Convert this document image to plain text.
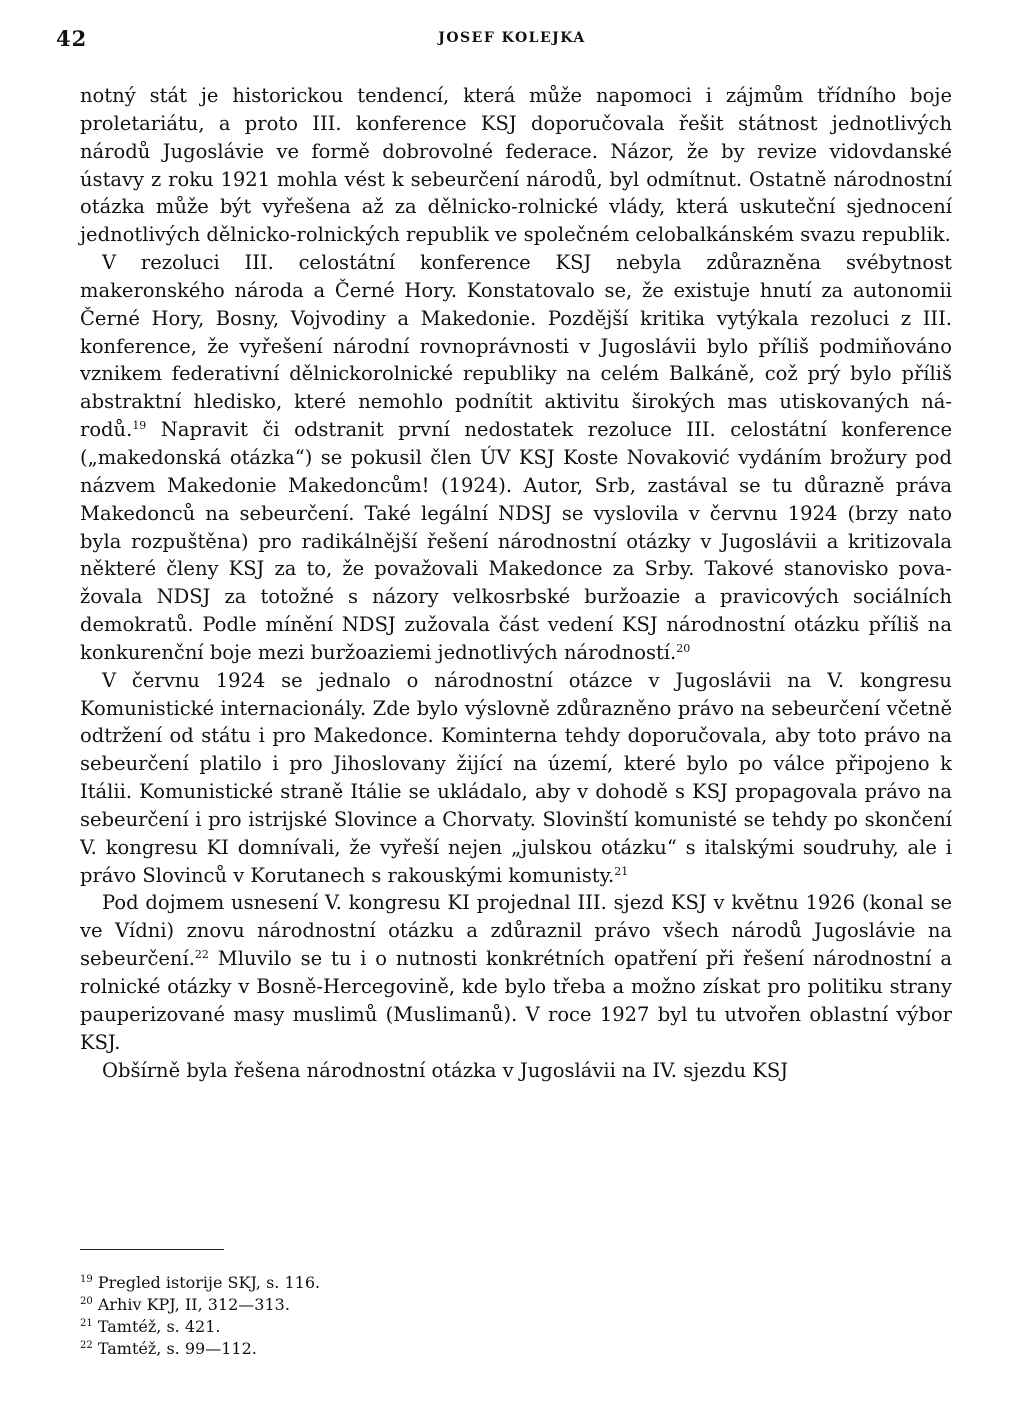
42	JOSEF KOLEJKA

notný stát je historickou tendencí, která může napomoci i zájmům třídního boje proletariátu, a proto III. konference KSJ doporučovala řešit státnost jednotlivých národů Jugoslávie ve formě dobrovolné federace. Názor, že by revize vidovdanské ústavy z roku 1921 mohla vést k sebeurčení národů, byl odmítnut. Ostatně národnostní otázka může být vyřešena až za dělnicko-rolnické vlády, která uskuteční sjednocení jednotlivých dělnicko-rolnických republik ve společném celobalkánském svazu republik.

V rezoluci III. celostátní konference KSJ nebyla zdůrazněna svébytnost makeronského národa a Černé Hory. Konstatovalo se, že existuje hnutí za autonomii Černé Hory, Bosny, Vojvodiny a Makedonie. Pozdější kritika vytýkala rezoluci z III. konference, že vyřešení národní rovnoprávnosti v Jugoslávii bylo příliš podmiňováno vznikem federativní dělnickorolnické republiky na celém Balkáně, což prý bylo příliš abstraktní hledisko, které nemohlo podnítit aktivitu širokých mas utiskovaných národů.$^{19}$ Napravit či odstranit první nedostatek rezoluce III. celostátní konference („makedonská otázka“) se pokusil člen ÚV KSJ Koste Novaković vydáním brožury pod názvem Makedonie Makedoncům! (1924). Autor, Srb, zastával se tu důrazně práva Makedonců na sebeurčení. Také legální NDSJ se vyslovila v červnu 1924 (brzy nato byla rozpuštěna) pro radikálnější řešení národnostní otázky v Jugoslávii a kritizovala některé členy KSJ za to, že považovali Makedonce za Srby. Takové stanovisko považovala NDSJ za totožné s názory velkosrbské buržoazie a pravicových sociálních demokratů. Podle mínění NDSJ zužovala část vedení KSJ národnostní otázku příliš na konkurenční boje mezi buržoaziemi jednotlivých národností.$^{20}$

V červnu 1924 se jednalo o národnostní otázce v Jugoslávii na V. kongresu Komunistické internacionály. Zde bylo výslovně zdůrazněno právo na sebeurčení včetně odtržení od státu i pro Makedonce. Kominterna tehdy doporučovala, aby toto právo na sebeurčení platilo i pro Jihoslovany žijící na území, které bylo po válce připojeno k Itálii. Komunistické straně Itálie se ukládalo, aby v dohodě s KSJ propagovala právo na sebeurčení i pro istrijské Slovince a Chorvaty. Slovinští komunisté se tehdy po skončení V. kongresu KI domnívali, že vyřeší nejen „julskou otázku“ s italskými soudruhy, ale i právo Slovinců v Korutanech s rakouskými komunisty.$^{21}$

Pod dojmem usnesení V. kongresu KI projednal III. sjezd KSJ v květnu 1926 (konal se ve Vídni) znovu národnostní otázku a zdůraznil právo všech národů Jugoslávie na sebeurčení.$^{22}$ Mluvilo se tu i o nutnosti konkrétních opatření při řešení národnostní a rolnické otázky v Bosně-Hercegovině, kde bylo třeba a možno získat pro politiku strany pauperizované masy muslimů (Muslimanů). V roce 1927 byl tu utvořen oblastní výbor KSJ.

Obšírně byla řešena národnostní otázka v Jugoslávii na IV. sjezdu KSJ

$^{19}$ Pregled istorije SKJ, s. 116.
$^{20}$ Arhiv KPJ, II, 312—313.
$^{21}$ Tamtéž, s. 421.
$^{22}$ Tamtéž, s. 99—112.
